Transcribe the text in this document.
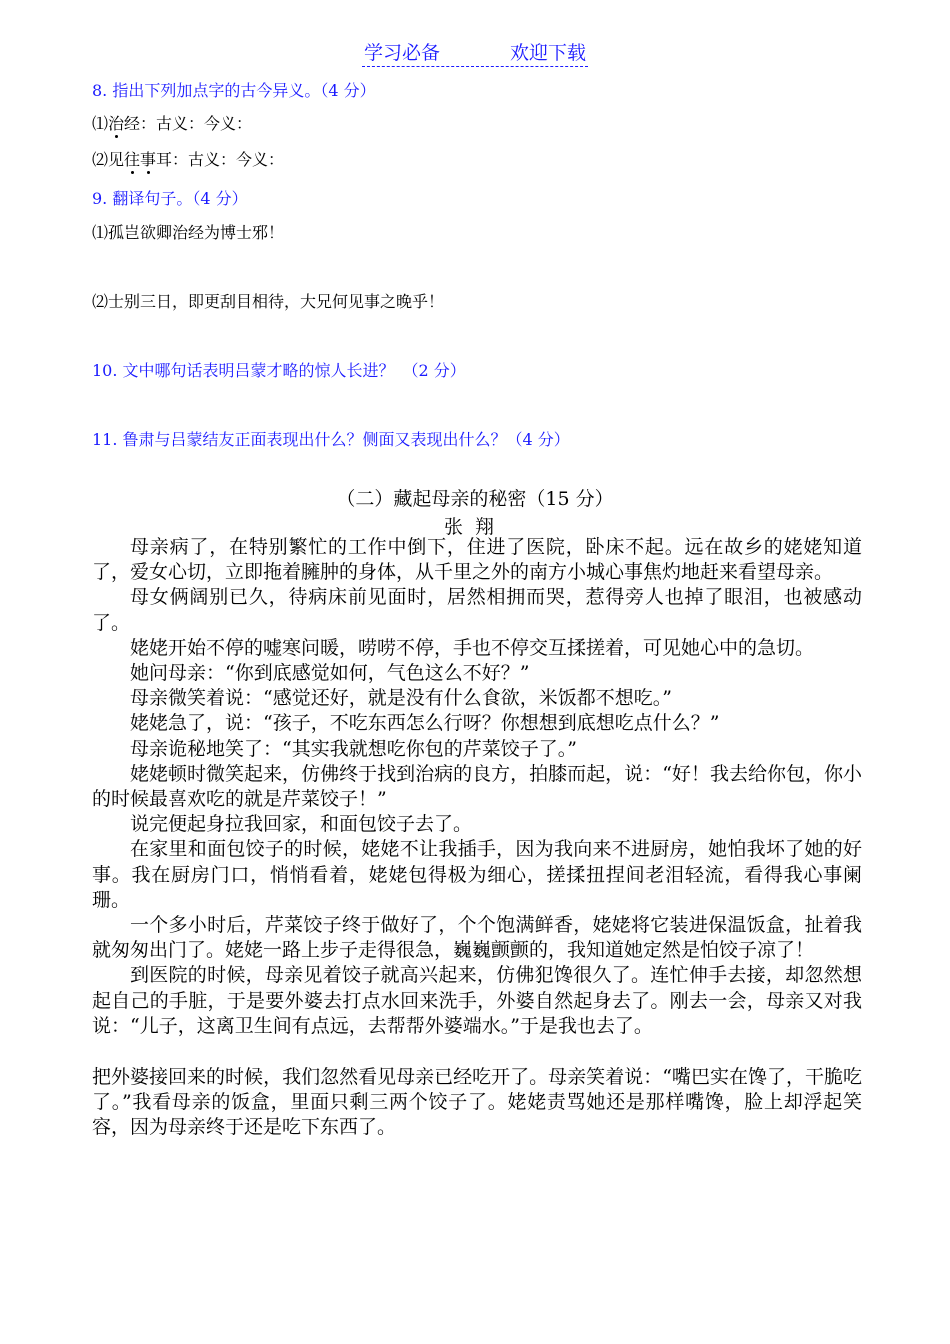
学习必备	欢迎下载
8. 指出下列加点字的古今异义。（4 分）
⑴治经：古义：今义：
⑵见往事耳：古义：今义：
9. 翻译句子。（4 分）
⑴孤岂欲卿治经为博士邪！
⑵士别三日，即更刮目相待，大兄何见事之晚乎！
10. 文中哪句话表明吕蒙才略的惊人长进？　（2 分）
11. 鲁肃与吕蒙结友正面表现出什么？侧面又表现出什么？（4 分）
（二）藏起母亲的秘密（15 分）
张翔

母亲病了，在特别繁忙的工作中倒下，住进了医院，卧床不起。远在故乡的姥姥知道了，爱女心切，立即拖着臃肿的身体，从千里之外的南方小城心事焦灼地赶来看望母亲。

母女俩阔别已久，待病床前见面时，居然相拥而哭，惹得旁人也掉了眼泪，也被感动了。

姥姥开始不停的嘘寒问暖，唠唠不停，手也不停交互揉搓着，可见她心中的急切。

她问母亲：“你到底感觉如何，气色这么不好？”

母亲微笑着说：“感觉还好，就是没有什么食欲，米饭都不想吃。”

姥姥急了，说：“孩子，不吃东西怎么行呀？你想想到底想吃点什么？”

母亲诡秘地笑了：“其实我就想吃你包的芹菜饺子了。”

姥姥顿时微笑起来，仿佛终于找到治病的良方，拍膝而起，说：“好！我去给你包，你小的时候最喜欢吃的就是芹菜饺子！”

说完便起身拉我回家，和面包饺子去了。

在家里和面包饺子的时候，姥姥不让我插手，因为我向来不进厨房，她怕我坏了她的好事。我在厨房门口，悄悄看着，姥姥包得极为细心，搓揉扭捏间老泪轻流，看得我心事阑珊。

一个多小时后，芹菜饺子终于做好了，个个饱满鲜香，姥姥将它装进保温饭盒，扯着我就匆匆出门了。姥姥一路上步子走得很急，巍巍颤颤的，我知道她定然是怕饺子凉了！

到医院的时候，母亲见着饺子就高兴起来，仿佛犯馋很久了。连忙伸手去接，却忽然想起自己的手脏，于是要外婆去打点水回来洗手，外婆自然起身去了。刚去一会，母亲又对我说：“儿子，这离卫生间有点远，去帮帮外婆端水。”于是我也去了。

把外婆接回来的时候，我们忽然看见母亲已经吃开了。母亲笑着说：“嘴巴实在馋了，干脆吃了。”我看母亲的饭盒，里面只剩三两个饺子了。姥姥责骂她还是那样嘴馋，脸上却浮起笑容，因为母亲终于还是吃下东西了。
